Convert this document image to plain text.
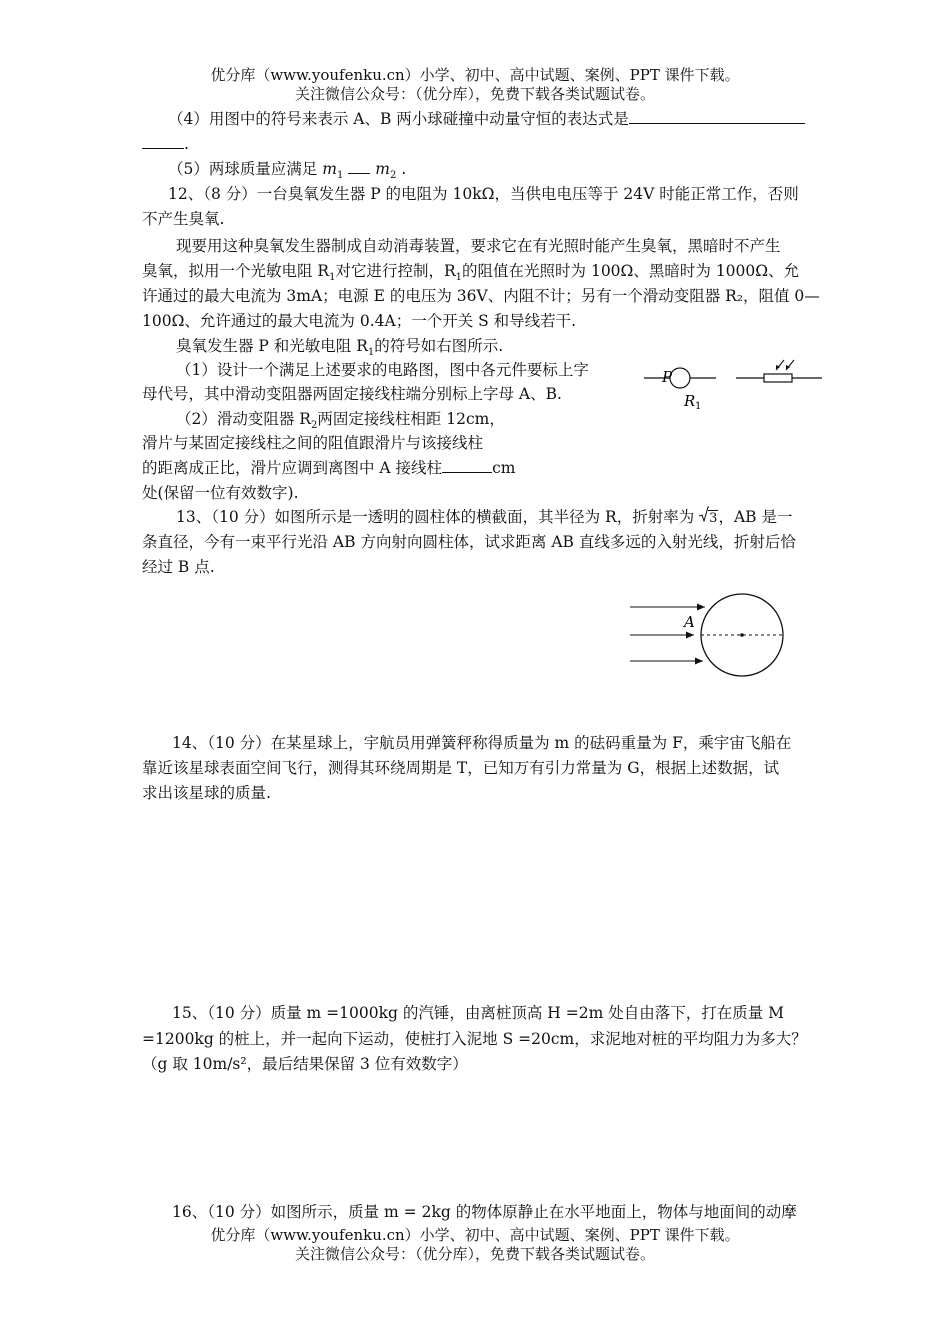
优分库（www.youfenku.cn）小学、初中、高中试题、案例、PPT 课件下载。
关注微信公众号：（优分库），免费下载各类试题试卷。
（4）用图中的符号来表示 A、B 两小球碰撞中动量守恒的表达式是
.
（5）两球质量应满足 $m_1$ $m_2$ .
12、（8 分）一台臭氧发生器 P 的电阻为 10kΩ，当供电电压等于 24V 时能正常工作，否则
不产生臭氧.
现要用这种臭氧发生器制成自动消毒装置，要求它在有光照时能产生臭氧，黑暗时不产生
臭氧，拟用一个光敏电阻 $R_1$对它进行控制，$R_1$的阻值在光照时为 100Ω、黑暗时为 1000Ω、允
许通过的最大电流为 3mA；电源 E 的电压为 36V、内阻不计；另有一个滑动变阻器 R₂，阻值 0—
100Ω、允许通过的最大电流为 0.4A；一个开关 S 和导线若干.
臭氧发生器 P 和光敏电阻 $R_1$的符号如右图所示.
（1）设计一个满足上述要求的电路图，图中各元件要标上字
母代号，其中滑动变阻器两固定接线柱端分别标上字母 A、B.
（2）滑动变阻器 $R_2$两固定接线柱相距 12cm，
滑片与某固定接线柱之间的阻值跟滑片与该接线柱
的距离成正比，滑片应调到离图中 A 接线柱	cm
处(保留一位有效数字).
P
R 1
13、（10 分）如图所示是一透明的圆柱体的横截面，其半径为 R，折射率为
3，AB 是一
条直径，今有一束平行光沿 AB 方向射向圆柱体，试求距离 AB 直线多远的入射光线，折射后恰
经过 B 点.
A
14、（10 分）在某星球上，宇航员用弹簧秤称得质量为 m 的砝码重量为 F，乘宇宙飞船在
靠近该星球表面空间飞行，测得其环绕周期是 T，已知万有引力常量为 G，根据上述数据，试
求出该星球的质量.
15、（10 分）质量 m =1000kg 的汽锤，由离桩顶高 H =2m 处自由落下，打在质量 M
=1200kg 的桩上，并一起向下运动，使桩打入泥地 S =20cm，求泥地对桩的平均阻力为多大？
（g 取 10m/s²，最后结果保留 3 位有效数字）
16、（10 分）如图所示，质量 m = 2kg 的物体原静止在水平地面上，物体与地面间的动摩
优分库（www.youfenku.cn）小学、初中、高中试题、案例、PPT 课件下载。
关注微信公众号：（优分库），免费下载各类试题试卷。
